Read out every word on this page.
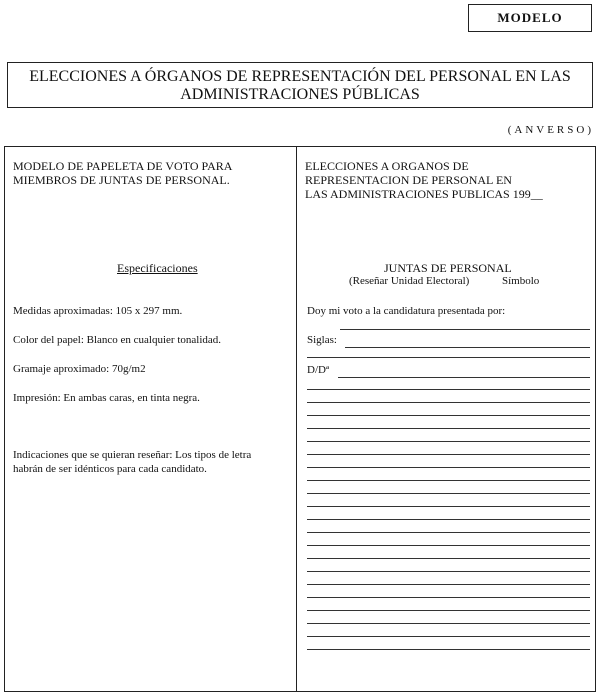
MODELO
ELECCIONES A ÓRGANOS DE REPRESENTACIÓN DEL PERSONAL EN LAS
ADMINISTRACIONES PÚBLICAS
(ANVERSO)
MODELO DE PAPELETA DE VOTO PARA
MIEMBROS DE JUNTAS DE PERSONAL.
Especificaciones
Medidas aproximadas: 105 x 297 mm.
Color del papel: Blanco en cualquier tonalidad.
Gramaje aproximado: 70g/m2
Impresión: En ambas caras, en tinta negra.
Indicaciones que se quieran reseñar: Los tipos de letra
habrán de ser idénticos para cada candidato.
ELECCIONES A ORGANOS DE
REPRESENTACION DE PERSONAL EN
LAS ADMINISTRACIONES PUBLICAS 199__
JUNTAS DE PERSONAL
(Reseñar Unidad Electoral)	Símbolo
Doy mi voto a la candidatura presentada por:
Siglas:
D/Dª
